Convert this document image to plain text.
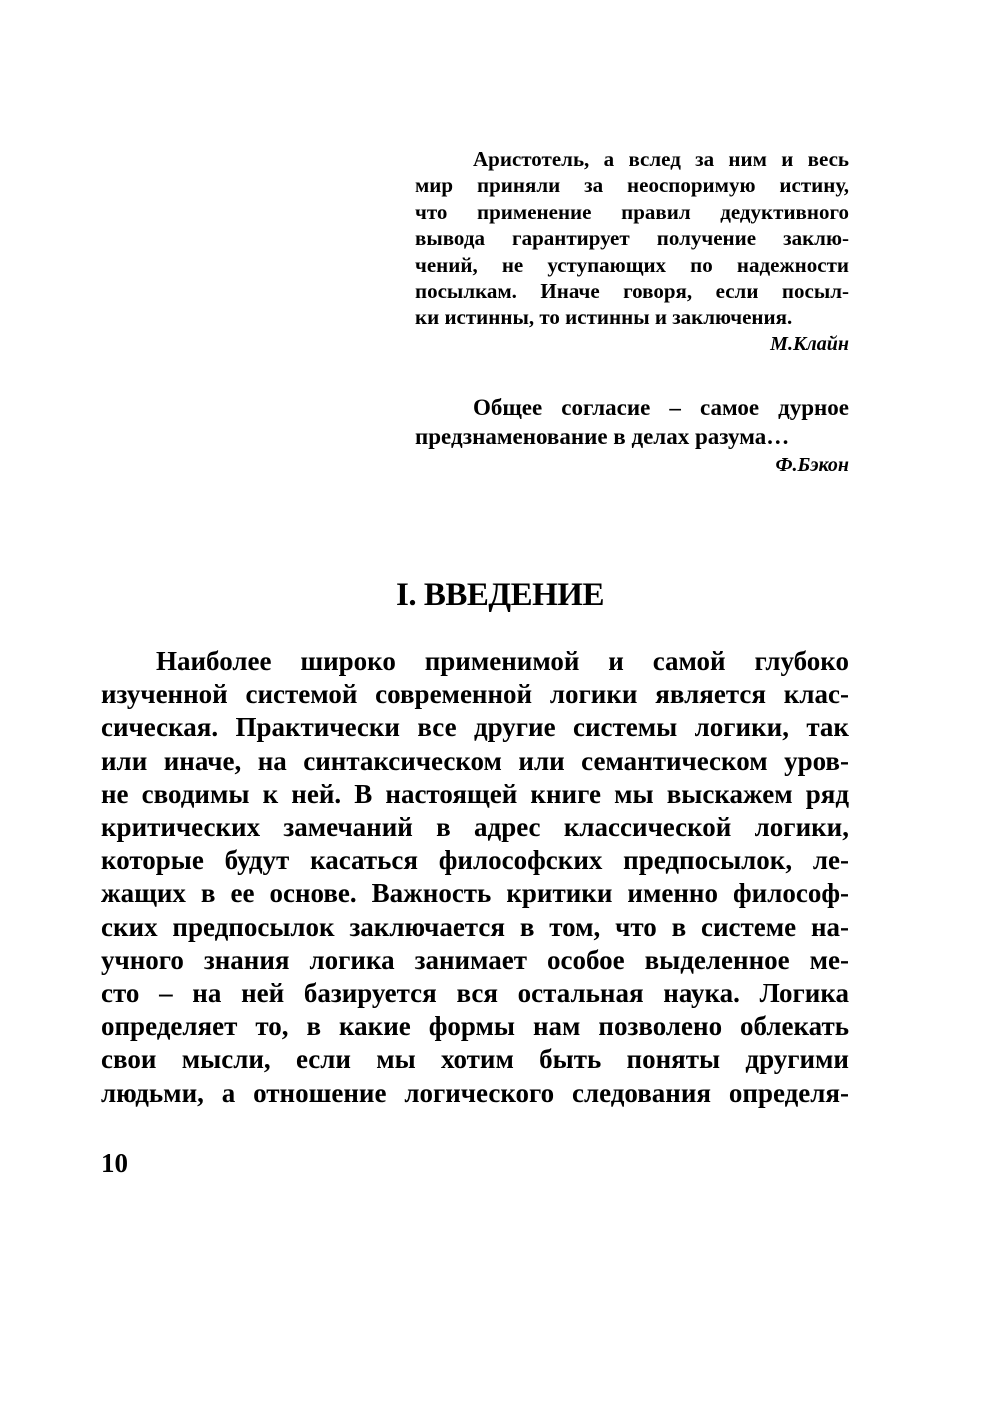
Аристотель, а вслед за ним и весь
мир приняли за неоспоримую истину,
что применение правил дедуктивного
вывода гарантирует получение заклю-
чений, не уступающих по надежности
посылкам. Иначе говоря, если посыл-
ки истинны, то истинны и заключения.
М.Клайн
Общее согласие – самое дурное
предзнаменование в делах разума…
Ф.Бэкон
I. ВВЕДЕНИЕ
Наиболее широко применимой и самой глубоко
изученной системой современной логики является клас-
сическая. Практически все другие системы логики, так
или иначе, на синтаксическом или семантическом уров-
не сводимы к ней. В настоящей книге мы выскажем ряд
критических замечаний в адрес классической логики,
которые будут касаться философских предпосылок, ле-
жащих в ее основе. Важность критики именно философ-
ских предпосылок заключается в том, что в системе на-
учного знания логика занимает особое выделенное ме-
сто – на ней базируется вся остальная наука. Логика
определяет то, в какие формы нам позволено облекать
свои мысли, если мы хотим быть поняты другими
людьми, а отношение логического следования определя-
10
